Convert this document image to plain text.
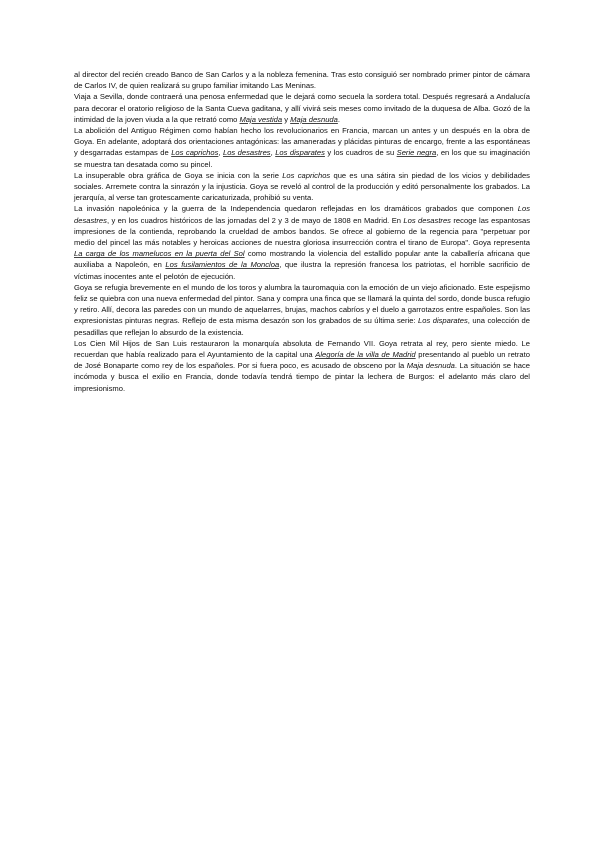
al director del recién creado Banco de San Carlos y a la nobleza femenina. Tras esto consiguió ser nombrado primer pintor de cámara de Carlos IV, de quien realizará su grupo familiar imitando Las Meninas.

Viaja a Sevilla, donde contraerá una penosa enfermedad que le dejará como secuela la sordera total. Después regresará a Andalucía para decorar el oratorio religioso de la Santa Cueva gaditana, y allí vivirá seis meses como invitado de la duquesa de Alba. Gozó de la intimidad de la joven viuda a la que retrató como Maja vestida y Maja desnuda.

La abolición del Antiguo Régimen como habían hecho los revolucionarios en Francia, marcan un antes y un después en la obra de Goya. En adelante, adoptará dos orientaciones antagónicas: las amaneradas y plácidas pinturas de encargo, frente a las espontáneas y desgarradas estampas de Los caprichos, Los desastres, Los disparates y los cuadros de su Serie negra, en los que su imaginación se muestra tan desatada como su pincel.

La insuperable obra gráfica de Goya se inicia con la serie Los caprichos que es una sátira sin piedad de los vicios y debilidades sociales. Arremete contra la sinrazón y la injusticia. Goya se reveló al control de la producción y editó personalmente los grabados. La jerarquía, al verse tan grotescamente caricaturizada, prohibió su venta.

La invasión napoleónica y la guerra de la Independencia quedaron reflejadas en los dramáticos grabados que componen Los desastres, y en los cuadros históricos de las jornadas del 2 y 3 de mayo de 1808 en Madrid. En Los desastres recoge las espantosas impresiones de la contienda, reprobando la crueldad de ambos bandos. Se ofrece al gobierno de la regencia para "perpetuar por medio del pincel las más notables y heroicas acciones de nuestra gloriosa insurrección contra el tirano de Europa". Goya representa La carga de los mamelucos en la puerta del Sol como mostrando la violencia del estallido popular ante la caballería africana que auxiliaba a Napoleón, en Los fusilamientos de la Moncloa, que ilustra la represión francesa los patriotas, el horrible sacrificio de víctimas inocentes ante el pelotón de ejecución.

Goya se refugia brevemente en el mundo de los toros y alumbra la tauromaquia con la emoción de un viejo aficionado. Este espejismo feliz se quiebra con una nueva enfermedad del pintor. Sana y compra una finca que se llamará la quinta del sordo, donde busca refugio y retiro. Allí, decora las paredes con un mundo de aquelarres, brujas, machos cabríos y el duelo a garrotazos entre españoles. Son las expresionistas pinturas negras. Reflejo de esta misma desazón son los grabados de su última serie: Los disparates, una colección de pesadillas que reflejan lo absurdo de la existencia.

Los Cien Mil Hijos de San Luis restauraron la monarquía absoluta de Fernando VII. Goya retrata al rey, pero siente miedo. Le recuerdan que había realizado para el Ayuntamiento de la capital una Alegoría de la villa de Madrid presentando al pueblo un retrato de José Bonaparte como rey de los españoles. Por si fuera poco, es acusado de obsceno por la Maja desnuda. La situación se hace incómoda y busca el exilio en Francia, donde todavía tendrá tiempo de pintar la lechera de Burgos: el adelanto más claro del impresionismo.
